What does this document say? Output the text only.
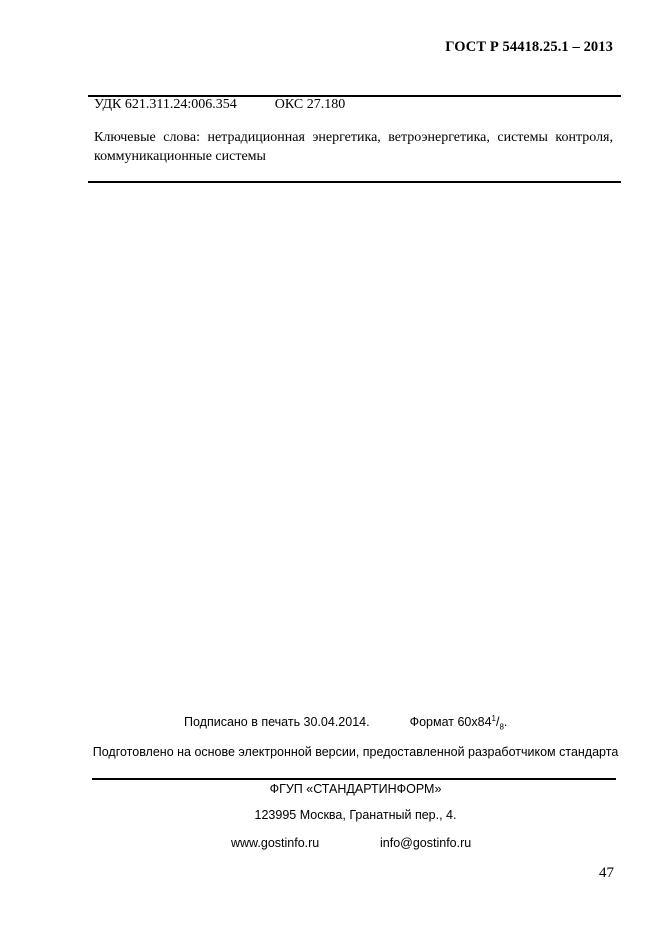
ГОСТ Р 54418.25.1 – 2013
УДК 621.311.24:006.354	ОКС 27.180
Ключевые слова: нетрадиционная энергетика, ветроэнергетика, системы контроля, коммуникационные системы
Подписано в печать 30.04.2014.	Формат $60x84^1/_8$.
Подготовлено на основе электронной версии, предоставленной разработчиком стандарта
ФГУП «СТАНДАРТИНФОРМ»
123995 Москва, Гранатный пер., 4.
www.gostinfo.ru	info@gostinfo.ru
47
